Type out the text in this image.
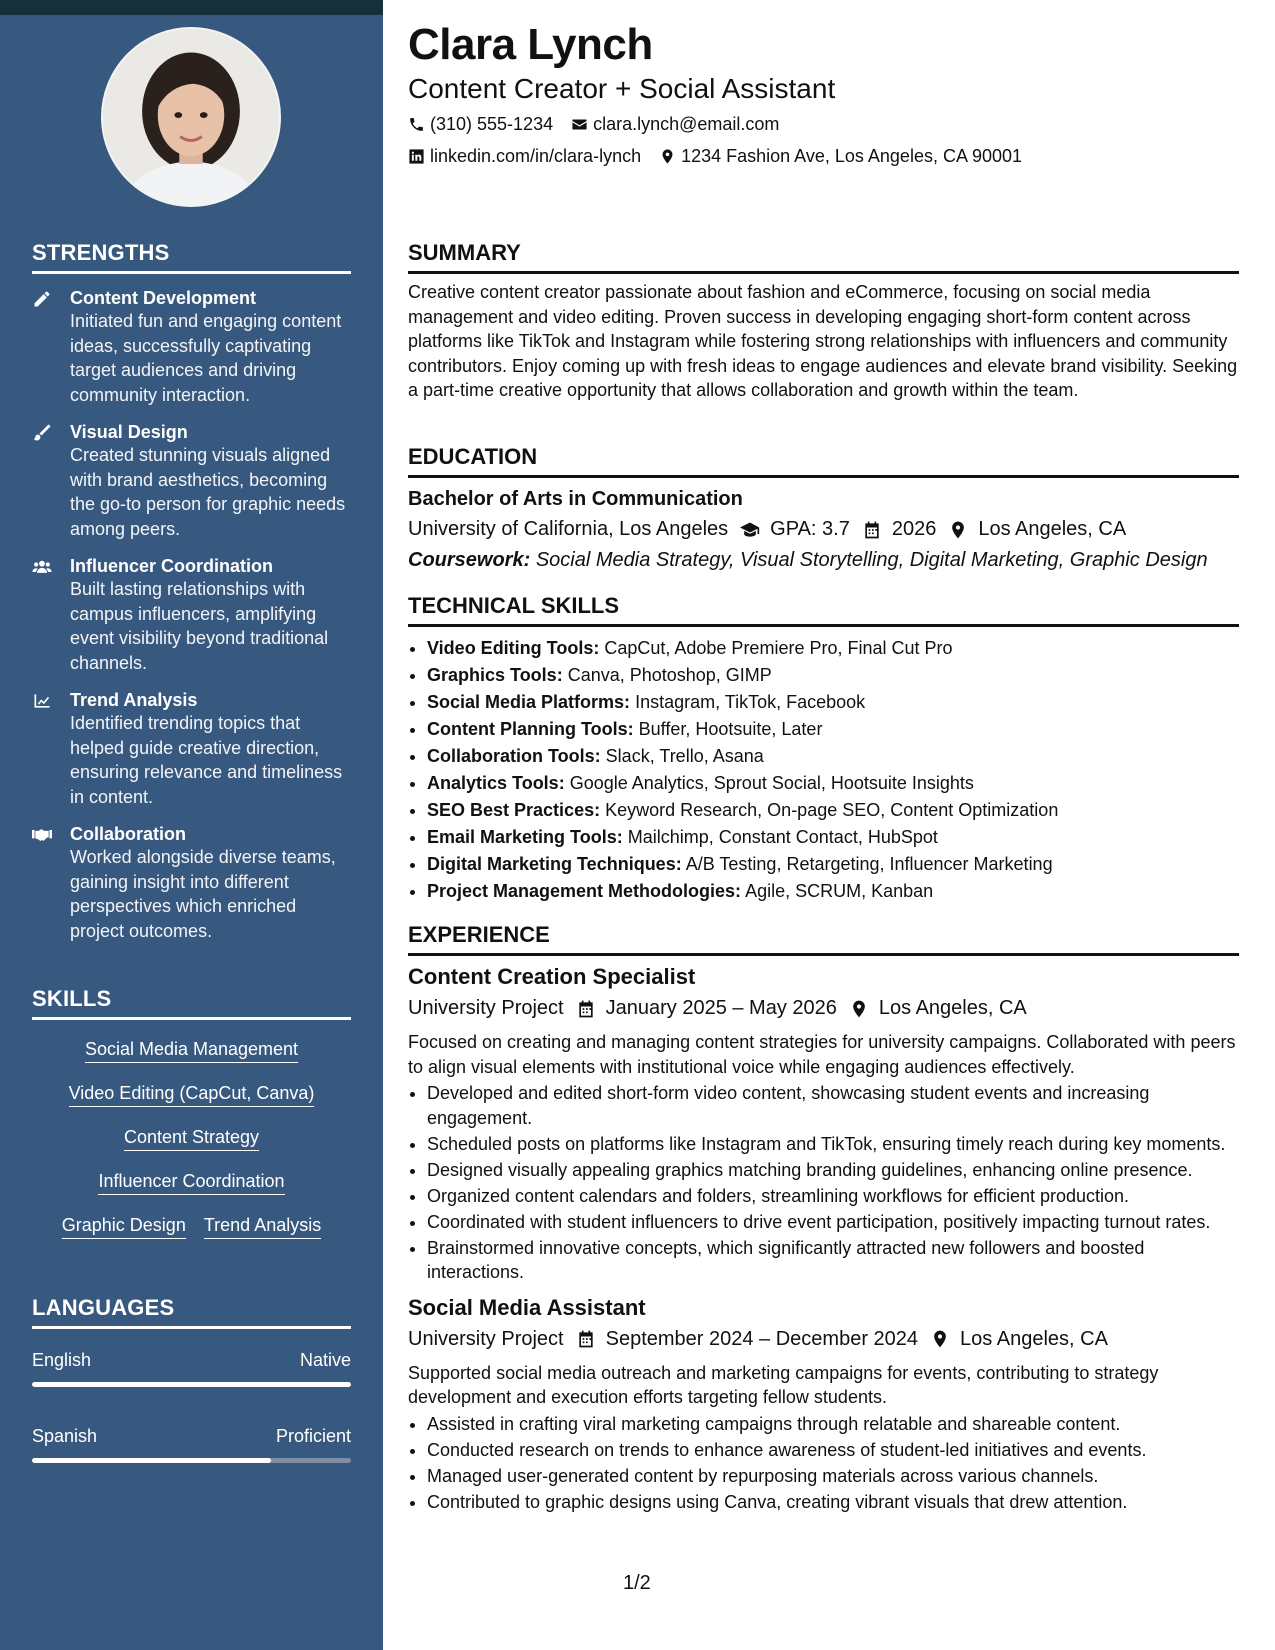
STRENGTHS
Content Development
Initiated fun and engaging content ideas, successfully captivating target audiences and driving community interaction.
Visual Design
Created stunning visuals aligned with brand aesthetics, becoming the go-to person for graphic needs among peers.
Influencer Coordination
Built lasting relationships with campus influencers, amplifying event visibility beyond traditional channels.
Trend Analysis
Identified trending topics that helped guide creative direction, ensuring relevance and timeliness in content.
Collaboration
Worked alongside diverse teams, gaining insight into different perspectives which enriched project outcomes.
SKILLS
Social Media Management
Video Editing (CapCut, Canva)
Content Strategy
Influencer Coordination
Graphic Design Trend Analysis
LANGUAGES
English	Native
Spanish	Proficient
Clara Lynch
Content Creator + Social Assistant
(310) 555-1234 clara.lynch@email.com
linkedin.com/in/clara-lynch 1234 Fashion Ave, Los Angeles, CA 90001
SUMMARY
Creative content creator passionate about fashion and eCommerce, focusing on social media management and video editing. Proven success in developing engaging short-form content across platforms like TikTok and Instagram while fostering strong relationships with influencers and community contributors. Enjoy coming up with fresh ideas to engage audiences and elevate brand visibility. Seeking a part-time creative opportunity that allows collaboration and growth within the team.
EDUCATION
Bachelor of Arts in Communication
University of California, Los Angeles GPA: 3.7 2026 Los Angeles, CA
Coursework: Social Media Strategy, Visual Storytelling, Digital Marketing, Graphic Design
TECHNICAL SKILLS
• Video Editing Tools: CapCut, Adobe Premiere Pro, Final Cut Pro
• Graphics Tools: Canva, Photoshop, GIMP
• Social Media Platforms: Instagram, TikTok, Facebook
• Content Planning Tools: Buffer, Hootsuite, Later
• Collaboration Tools: Slack, Trello, Asana
• Analytics Tools: Google Analytics, Sprout Social, Hootsuite Insights
• SEO Best Practices: Keyword Research, On-page SEO, Content Optimization
• Email Marketing Tools: Mailchimp, Constant Contact, HubSpot
• Digital Marketing Techniques: A/B Testing, Retargeting, Influencer Marketing
• Project Management Methodologies: Agile, SCRUM, Kanban
EXPERIENCE
Content Creation Specialist
University Project January 2025 – May 2026 Los Angeles, CA
Focused on creating and managing content strategies for university campaigns. Collaborated with peers to align visual elements with institutional voice while engaging audiences effectively.
• Developed and edited short-form video content, showcasing student events and increasing engagement.
• Scheduled posts on platforms like Instagram and TikTok, ensuring timely reach during key moments.
• Designed visually appealing graphics matching branding guidelines, enhancing online presence.
• Organized content calendars and folders, streamlining workflows for efficient production.
• Coordinated with student influencers to drive event participation, positively impacting turnout rates.
• Brainstormed innovative concepts, which significantly attracted new followers and boosted interactions.
Social Media Assistant
University Project September 2024 – December 2024 Los Angeles, CA
Supported social media outreach and marketing campaigns for events, contributing to strategy development and execution efforts targeting fellow students.
• Assisted in crafting viral marketing campaigns through relatable and shareable content.
• Conducted research on trends to enhance awareness of student-led initiatives and events.
• Managed user-generated content by repurposing materials across various channels.
• Contributed to graphic designs using Canva, creating vibrant visuals that drew attention.
1/2
